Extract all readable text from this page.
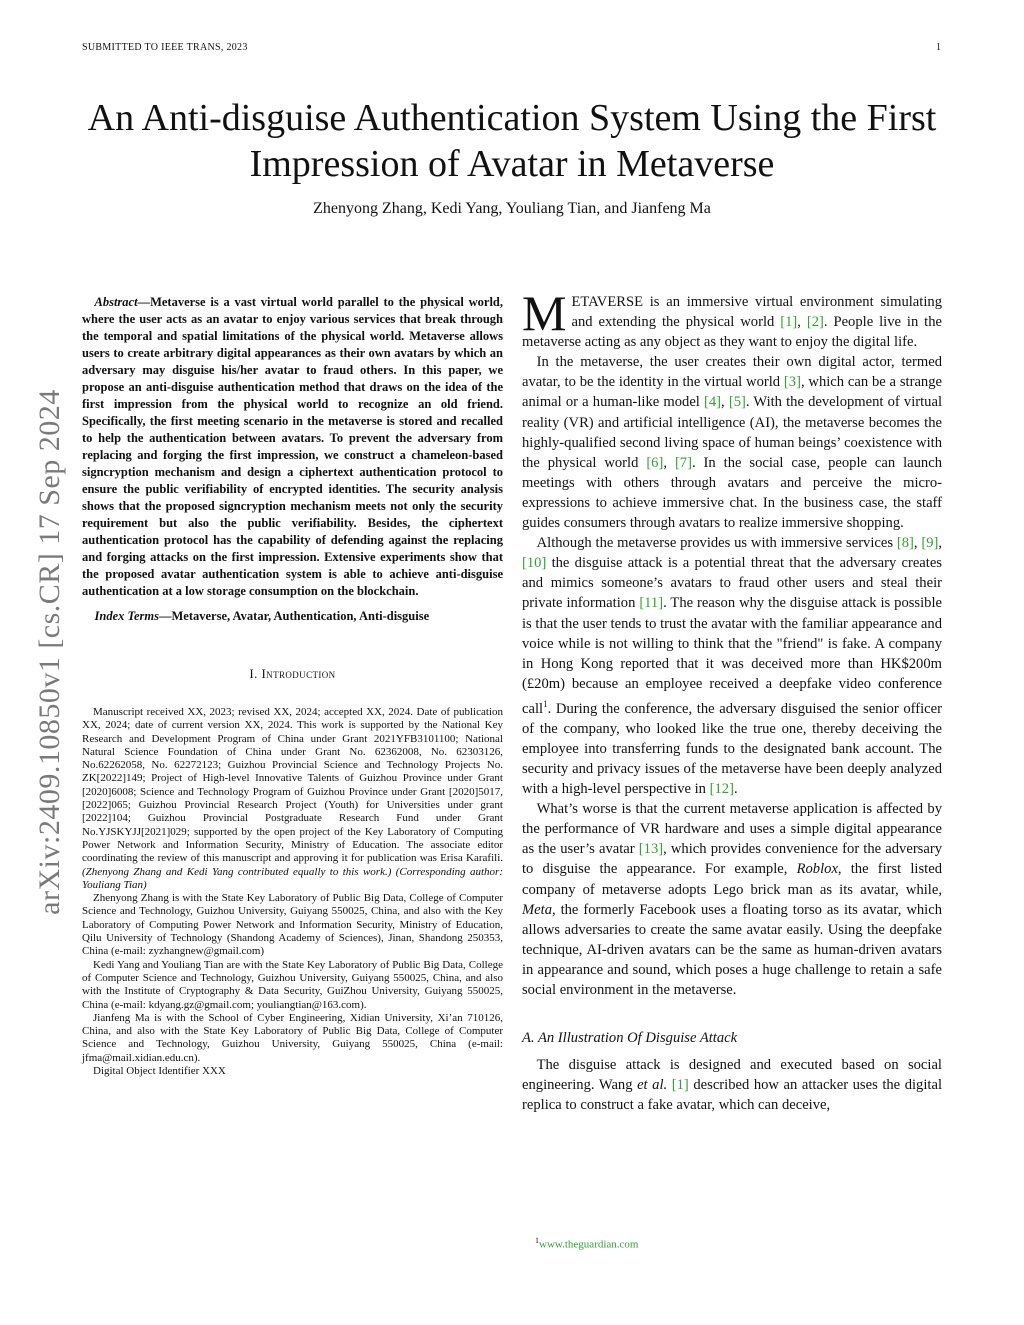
SUBMITTED TO IEEE TRANS, 2023	1
An Anti-disguise Authentication System Using the First Impression of Avatar in Metaverse
Zhenyong Zhang, Kedi Yang, Youliang Tian, and Jianfeng Ma
arXiv:2409.10850v1 [cs.CR] 17 Sep 2024

Abstract—Metaverse is a vast virtual world parallel to the physical world, where the user acts as an avatar to enjoy various services that break through the temporal and spatial limitations of the physical world. Metaverse allows users to create arbitrary digital appearances as their own avatars by which an adversary may disguise his/her avatar to fraud others. In this paper, we propose an anti-disguise authentication method that draws on the idea of the first impression from the physical world to recognize an old friend. Specifically, the first meeting scenario in the metaverse is stored and recalled to help the authentication between avatars. To prevent the adversary from replacing and forging the first impression, we construct a chameleon-based signcryption mechanism and design a ciphertext authentication protocol to ensure the public verifiability of encrypted identities. The security analysis shows that the proposed signcryption mechanism meets not only the security requirement but also the public verifiability. Besides, the ciphertext authentication protocol has the capability of defending against the replacing and forging attacks on the first impression. Extensive experiments show that the proposed avatar authentication system is able to achieve anti-disguise authentication at a low storage consumption on the blockchain.

Index Terms—Metaverse, Avatar, Authentication, Anti-disguise

I. Introduction

Manuscript received XX, 2023; revised XX, 2024; accepted XX, 2024. Date of publication XX, 2024; date of current version XX, 2024. This work is supported by the National Key Research and Development Program of China under Grant 2021YFB3101100; National Natural Science Foundation of China under Grant No. 62362008, No. 62303126, No.62262058, No. 62272123; Guizhou Provincial Science and Technology Projects No. ZK[2022]149; Project of High-level Innovative Talents of Guizhou Province under Grant [2020]6008; Science and Technology Program of Guizhou Province under Grant [2020]5017, [2022]065; Guizhou Provincial Research Project (Youth) for Universities under grant [2022]104; Guizhou Provincial Postgraduate Research Fund under Grant No.YJSKYJJ[2021]029; supported by the open project of the Key Laboratory of Computing Power Network and Information Security, Ministry of Education. The associate editor coordinating the review of this manuscript and approving it for publication was Erisa Karafili. (Zhenyong Zhang and Kedi Yang contributed equally to this work.) (Corresponding author: Youliang Tian)

Zhenyong Zhang is with the State Key Laboratory of Public Big Data, College of Computer Science and Technology, Guizhou University, Guiyang 550025, China, and also with the Key Laboratory of Computing Power Network and Information Security, Ministry of Education, Qilu University of Technology (Shandong Academy of Sciences), Jinan, Shandong 250353, China (e-mail: zyzhangnew@gmail.com)

Kedi Yang and Youliang Tian are with the State Key Laboratory of Public Big Data, College of Computer Science and Technology, Guizhou University, Guiyang 550025, China, and also with the Institute of Cryptography & Data Security, GuiZhou University, Guiyang 550025, China (e-mail: kdyang.gz@gmail.com; youliangtian@163.com).

Jianfeng Ma is with the School of Cyber Engineering, Xidian University, Xi’an 710126, China, and also with the State Key Laboratory of Public Big Data, College of Computer Science and Technology, Guizhou University, Guiyang 550025, China (e-mail: jfma@mail.xidian.edu.cn).

Digital Object Identifier XXX

METAVERSE is an immersive virtual environment simulating and extending the physical world [1], [2]. People live in the metaverse acting as any object as they want to enjoy the digital life.

In the metaverse, the user creates their own digital actor, termed avatar, to be the identity in the virtual world [3], which can be a strange animal or a human-like model [4], [5]. With the development of virtual reality (VR) and artificial intelligence (AI), the metaverse becomes the highly-qualified second living space of human beings’ coexistence with the physical world [6], [7]. In the social case, people can launch meetings with others through avatars and perceive the micro-expressions to achieve immersive chat. In the business case, the staff guides consumers through avatars to realize immersive shopping.

Although the metaverse provides us with immersive services [8], [9], [10] the disguise attack is a potential threat that the adversary creates and mimics someone’s avatars to fraud other users and steal their private information [11]. The reason why the disguise attack is possible is that the user tends to trust the avatar with the familiar appearance and voice while is not willing to think that the "friend" is fake. A company in Hong Kong reported that it was deceived more than HK$200m (£20m) because an employee received a deepfake video conference call$^1$. During the conference, the adversary disguised the senior officer of the company, who looked like the true one, thereby deceiving the employee into transferring funds to the designated bank account. The security and privacy issues of the metaverse have been deeply analyzed with a high-level perspective in [12].

What’s worse is that the current metaverse application is affected by the performance of VR hardware and uses a simple digital appearance as the user’s avatar [13], which provides convenience for the adversary to disguise the appearance. For example, Roblox, the first listed company of metaverse adopts Lego brick man as its avatar, while, Meta, the formerly Facebook uses a floating torso as its avatar, which allows adversaries to create the same avatar easily. Using the deepfake technique, AI-driven avatars can be the same as human-driven avatars in appearance and sound, which poses a huge challenge to retain a safe social environment in the metaverse.

A. An Illustration Of Disguise Attack

The disguise attack is designed and executed based on social engineering. Wang et al. [1] described how an attacker uses the digital replica to construct a fake avatar, which can deceive,

$^1$www.theguardian.com
